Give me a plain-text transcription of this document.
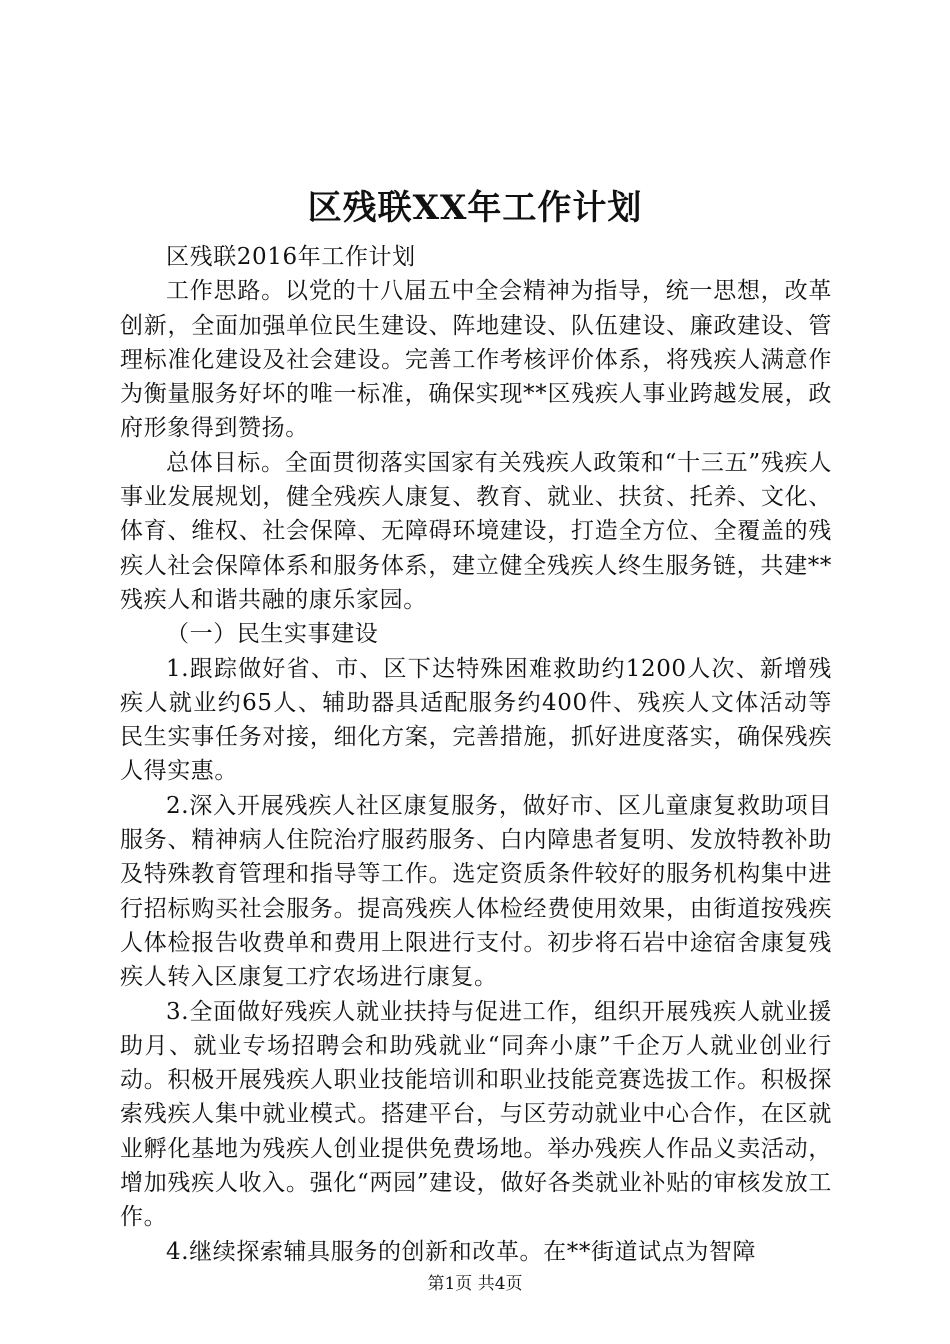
区残联XX年工作计划

区残联2016年工作计划

工作思路。以党的十八届五中全会精神为指导，统一思想，改革创新，全面加强单位民生建设、阵地建设、队伍建设、廉政建设、管理标准化建设及社会建设。完善工作考核评价体系，将残疾人满意作为衡量服务好坏的唯一标准，确保实现**区残疾人事业跨越发展，政府形象得到赞扬。

总体目标。全面贯彻落实国家有关残疾人政策和“十三五”残疾人事业发展规划，健全残疾人康复、教育、就业、扶贫、托养、文化、体育、维权、社会保障、无障碍环境建设，打造全方位、全覆盖的残疾人社会保障体系和服务体系，建立健全残疾人终生服务链，共建**残疾人和谐共融的康乐家园。

（一）民生实事建设

1.跟踪做好省、市、区下达特殊困难救助约1200人次、新增残疾人就业约65人、辅助器具适配服务约400件、残疾人文体活动等民生实事任务对接，细化方案，完善措施，抓好进度落实，确保残疾人得实惠。

2.深入开展残疾人社区康复服务，做好市、区儿童康复救助项目服务、精神病人住院治疗服药服务、白内障患者复明、发放特教补助及特殊教育管理和指导等工作。选定资质条件较好的服务机构集中进行招标购买社会服务。提高残疾人体检经费使用效果，由街道按残疾人体检报告收费单和费用上限进行支付。初步将石岩中途宿舍康复残疾人转入区康复工疗农场进行康复。

3.全面做好残疾人就业扶持与促进工作，组织开展残疾人就业援助月、就业专场招聘会和助残就业“同奔小康”千企万人就业创业行动。积极开展残疾人职业技能培训和职业技能竞赛选拔工作。积极探索残疾人集中就业模式。搭建平台，与区劳动就业中心合作，在区就业孵化基地为残疾人创业提供免费场地。举办残疾人作品义卖活动，增加残疾人收入。强化“两园”建设，做好各类就业补贴的审核发放工作。

4.继续探索辅具服务的创新和改革。在**街道试点为智障

第1页 共4页
